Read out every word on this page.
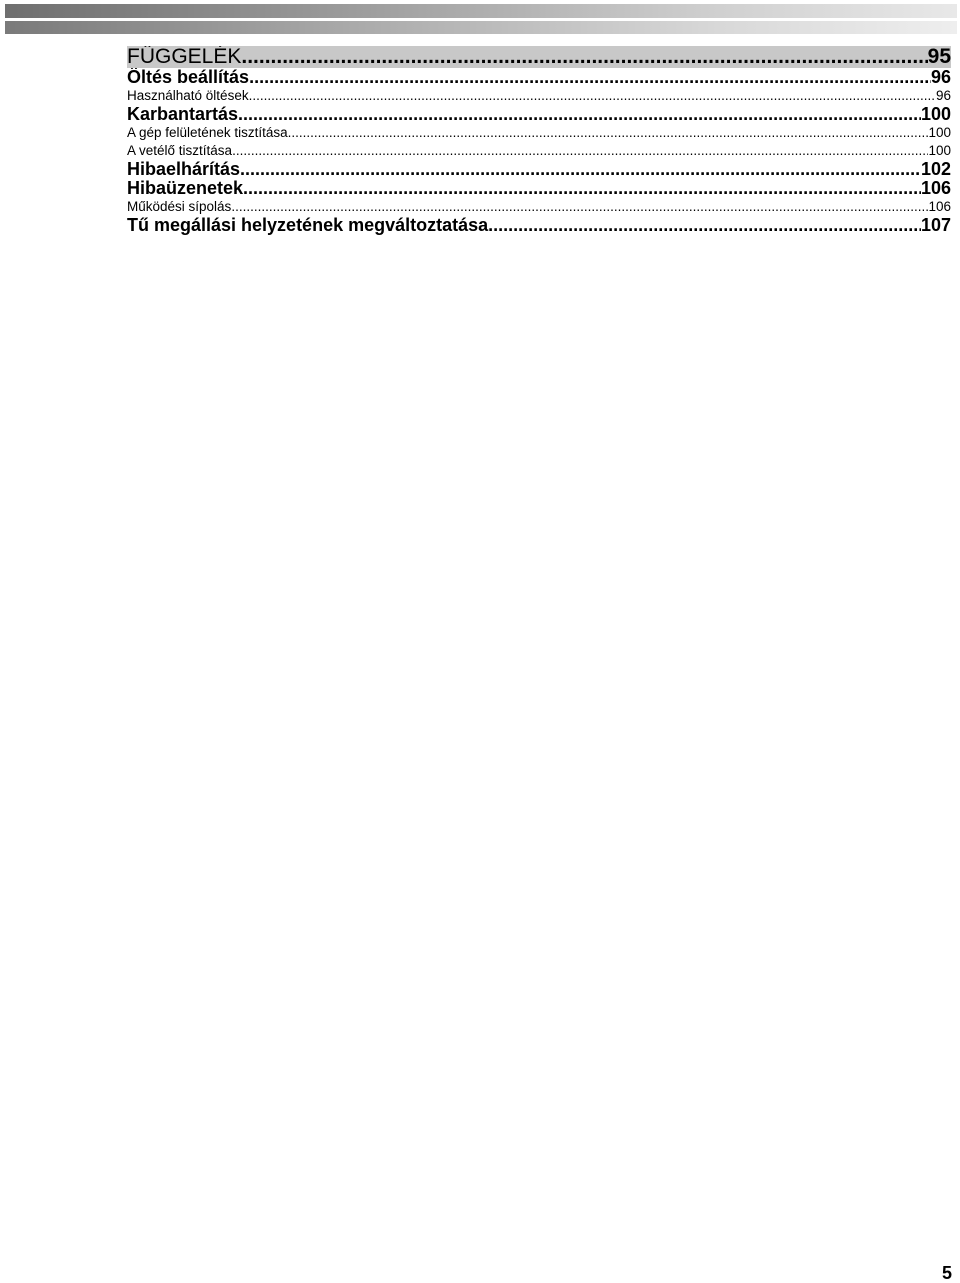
FÜGGELÉK .....	95
Öltés beállítás .....	96
Használható öltések .....	96
Karbantartás .....	100
A gép felületének tisztítása .....	100
A vetélő tisztítása .....	100
Hibaelhárítás .....	102
Hibaüzenetek .....	106
Működési sípolás .....	106
Tű megállási helyzetének megváltoztatása .....	107
5
